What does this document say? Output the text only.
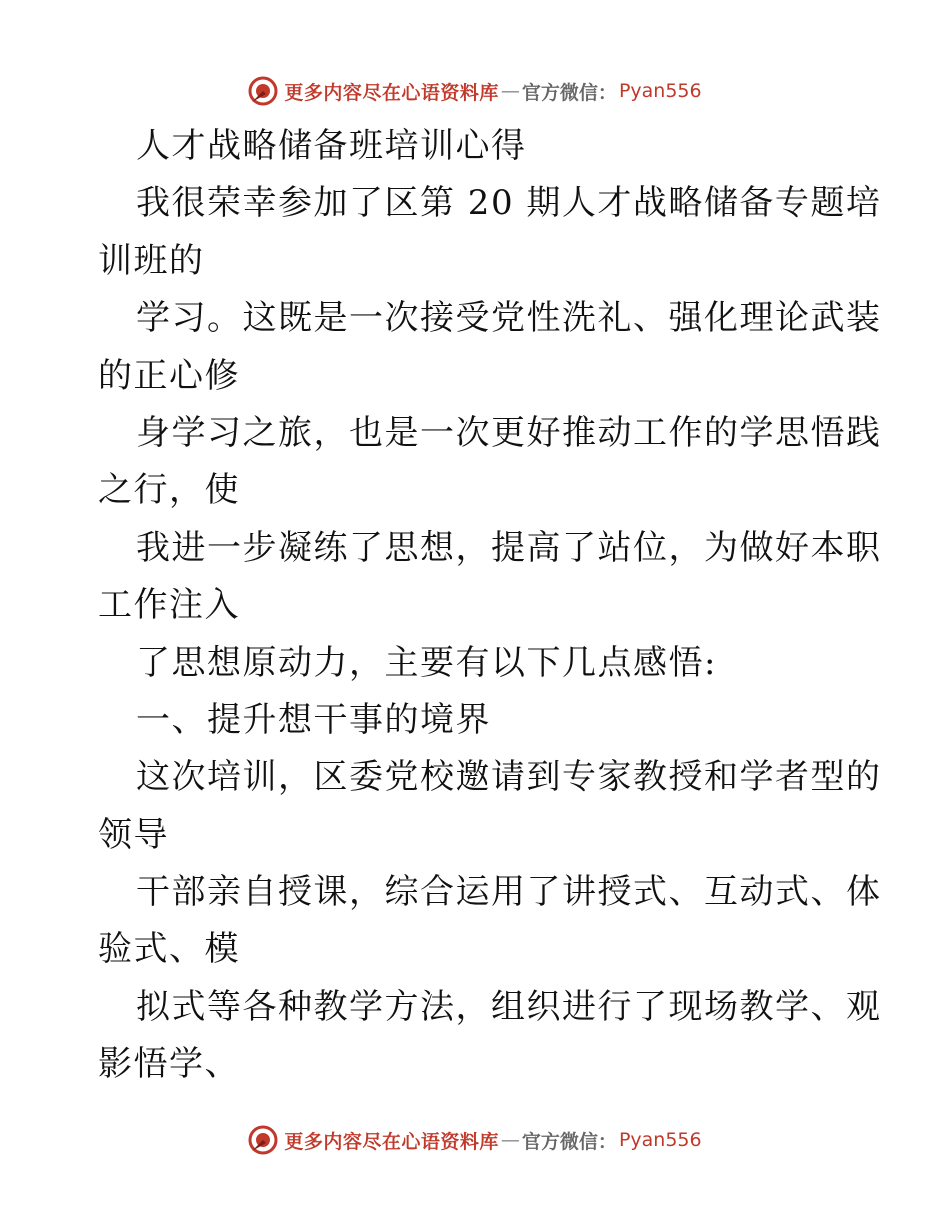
更多内容尽在心语资料库 — 官方微信： Pyan556
人才战略储备班培训心得
我很荣幸参加了区第 20 期人才战略储备专题培
训班的
学习。这既是一次接受党性洗礼、强化理论武装
的正心修
身学习之旅，也是一次更好推动工作的学思悟践
之行，使
我进一步凝练了思想，提高了站位，为做好本职
工作注入
了思想原动力，主要有以下几点感悟:
一、提升想干事的境界
这次培训，区委党校邀请到专家教授和学者型的
领导
干部亲自授课，综合运用了讲授式、互动式、体
验式、模
拟式等各种教学方法，组织进行了现场教学、观
影悟学、
更多内容尽在心语资料库 — 官方微信： Pyan556
